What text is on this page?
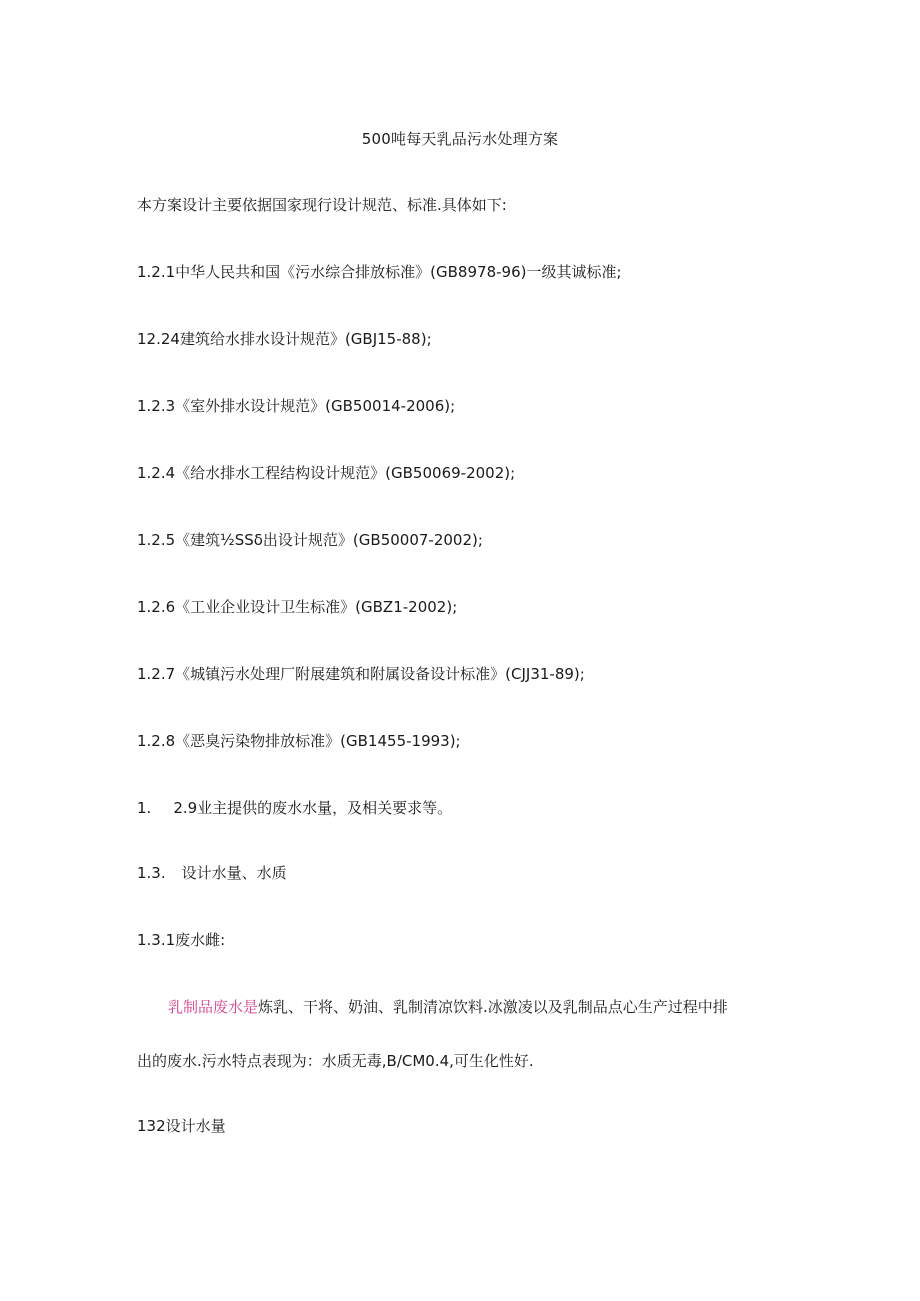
500吨每天乳品污水处理方案
本方案设计主要依据国家现行设计规范、标准.具体如下:
1.2.1中华人民共和国《污水综合排放标准》(GB8978-96)一级其诚标准;
12.24建筑给水排水设计规范》(GBJ15-88);
1.2.3《室外排水设计规范》(GB50014-2006);
1.2.4《给水排水工程结构设计规范》(GB50069-2002);
1.2.5《建筑½SSδ出设计规范》(GB50007-2002);
1.2.6《工业企业设计卫生标准》(GBZ1-2002);
1.2.7《城镇污水处理厂附展建筑和附属设备设计标准》(CJJ31-89);
1.2.8《恶臭污染物排放标准》(GB1455-1993);
1. 2.9业主提供的废水水量，及相关要求等。
1.3. 设计水量、水质
1.3.1废水雌:
乳制品废水是炼乳、干将、奶油、乳制清凉饮料.冰激凌以及乳制品点心生产过程中排
出的废水.污水特点表现为：水质无毒,B/CM0.4,可生化性好.
132设计水量
